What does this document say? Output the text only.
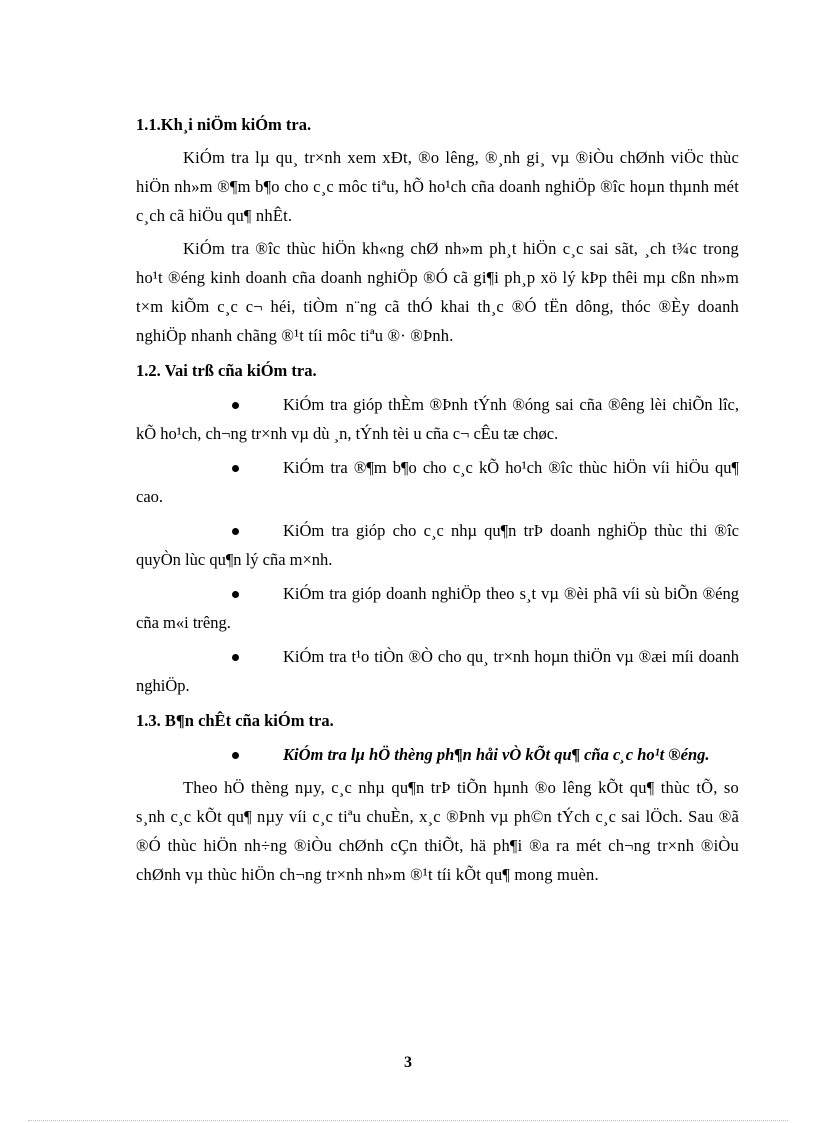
1.1.Kh¸i niÖm kiÓm tra.

KiÓm tra lµ qu¸ tr×nh xem xÐt, ®o lêng, ®¸nh gi¸ vµ ®iÒu chØnh viÖc thùc hiÖn nh»m ®¶m b¶o cho c¸c môc tiªu, hÕ ho¹ch cña doanh nghiÖp ®îc hoµn thµnh mét c¸ch cã hiÖu qu¶ nhÊt.

KiÓm tra ®îc thùc hiÖn kh«ng chØ nh»m ph¸t hiÖn c¸c sai sãt, ¸ch t¾c trong ho¹t ®éng kinh doanh cña doanh nghiÖp ®Ó cã gi¶i ph¸p xö lý kÞp thêi mµ cßn nh»m t×m kiÕm c¸c c¬ héi, tiÒm n¨ng cã thÓ khai th¸c ®Ó tËn dông, thóc ®Èy doanh nghiÖp nhanh chãng ®¹t tíi môc tiªu ®· ®Þnh.

1.2. Vai trß cña kiÓm tra.

KiÓm tra gióp thÈm ®Þnh tÝnh ®óng sai cña ®êng lèi chiÕn lîc, kÕ ho¹ch, ch¬ng tr×nh vµ dù ¸n, tÝnh tèi u cña c¬ cÊu tæ chøc.

KiÓm tra ®¶m b¶o cho c¸c kÕ ho¹ch ®îc thùc hiÖn víi hiÖu qu¶ cao.

KiÓm tra gióp cho c¸c nhµ qu¶n trÞ doanh nghiÖp thùc thi ®îc quyÒn lùc qu¶n lý cña m×nh.

KiÓm tra gióp doanh nghiÖp theo s¸t vµ ®èi phã víi sù biÕn ®éng cña m«i trêng.

KiÓm tra t¹o tiÒn ®Ò cho qu¸ tr×nh hoµn thiÖn vµ ®æi míi doanh nghiÖp.

1.3. B¶n chÊt cña kiÓm tra.

KiÓm tra lµ hÖ thèng ph¶n håi vÒ kÕt qu¶ cña c¸c ho¹t ®éng.

Theo hÖ thèng nµy, c¸c nhµ qu¶n trÞ tiÕn hµnh ®o lêng kÕt qu¶ thùc tÕ, so s¸nh c¸c kÕt qu¶ nµy víi c¸c tiªu chuÈn, x¸c ®Þnh vµ ph©n tÝch c¸c sai lÖch. Sau ®ã ®Ó thùc hiÖn nh÷ng ®iÒu chØnh cÇn thiÕt, hä ph¶i ®a ra mét ch¬ng tr×nh ®iÒu chØnh vµ thùc hiÖn ch¬ng tr×nh nh»m ®¹t tíi kÕt qu¶ mong muèn.

3
